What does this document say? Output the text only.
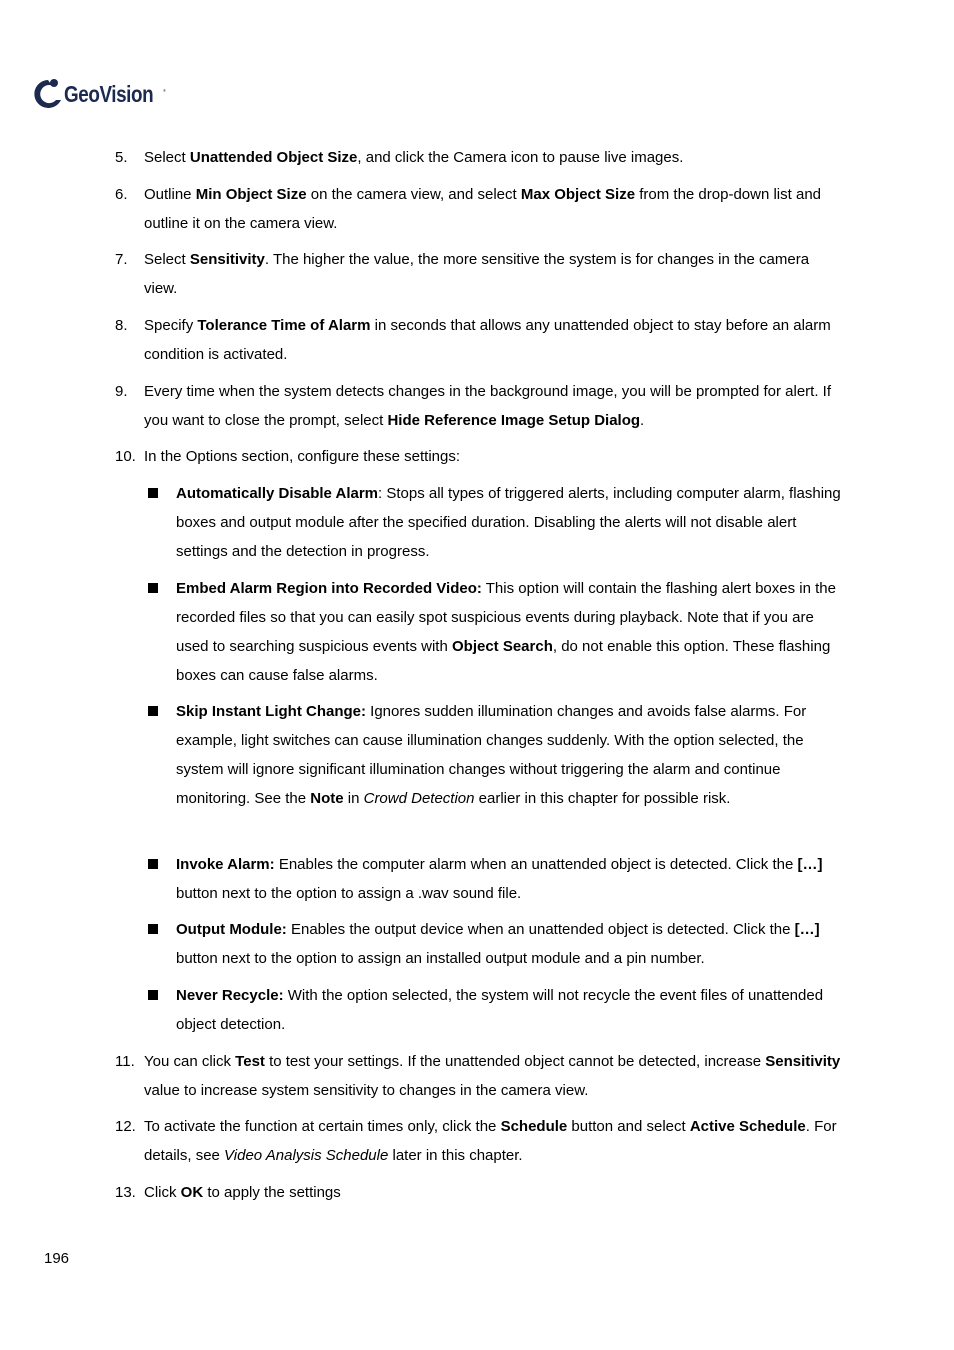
GeoVision ®
5. Select Unattended Object Size, and click the Camera icon to pause live images.
6. Outline Min Object Size on the camera view, and select Max Object Size from the drop-down list and outline it on the camera view.
7. Select Sensitivity. The higher the value, the more sensitive the system is for changes in the camera view.
8. Specify Tolerance Time of Alarm in seconds that allows any unattended object to stay before an alarm condition is activated.
9. Every time when the system detects changes in the background image, you will be prompted for alert. If you want to close the prompt, select Hide Reference Image Setup Dialog.
10. In the Options section, configure these settings:
Automatically Disable Alarm: Stops all types of triggered alerts, including computer alarm, flashing boxes and output module after the specified duration. Disabling the alerts will not disable alert settings and the detection in progress.
Embed Alarm Region into Recorded Video: This option will contain the flashing alert boxes in the recorded files so that you can easily spot suspicious events during playback. Note that if you are used to searching suspicious events with Object Search, do not enable this option. These flashing boxes can cause false alarms.
Skip Instant Light Change: Ignores sudden illumination changes and avoids false alarms. For example, light switches can cause illumination changes suddenly. With the option selected, the system will ignore significant illumination changes without triggering the alarm and continue monitoring. See the Note in Crowd Detection earlier in this chapter for possible risk.
Invoke Alarm: Enables the computer alarm when an unattended object is detected. Click the […] button next to the option to assign a .wav sound file.
Output Module: Enables the output device when an unattended object is detected. Click the […] button next to the option to assign an installed output module and a pin number.
Never Recycle: With the option selected, the system will not recycle the event files of unattended object detection.
11. You can click Test to test your settings. If the unattended object cannot be detected, increase Sensitivity value to increase system sensitivity to changes in the camera view.
12. To activate the function at certain times only, click the Schedule button and select Active Schedule. For details, see Video Analysis Schedule later in this chapter.
13. Click OK to apply the settings
196
